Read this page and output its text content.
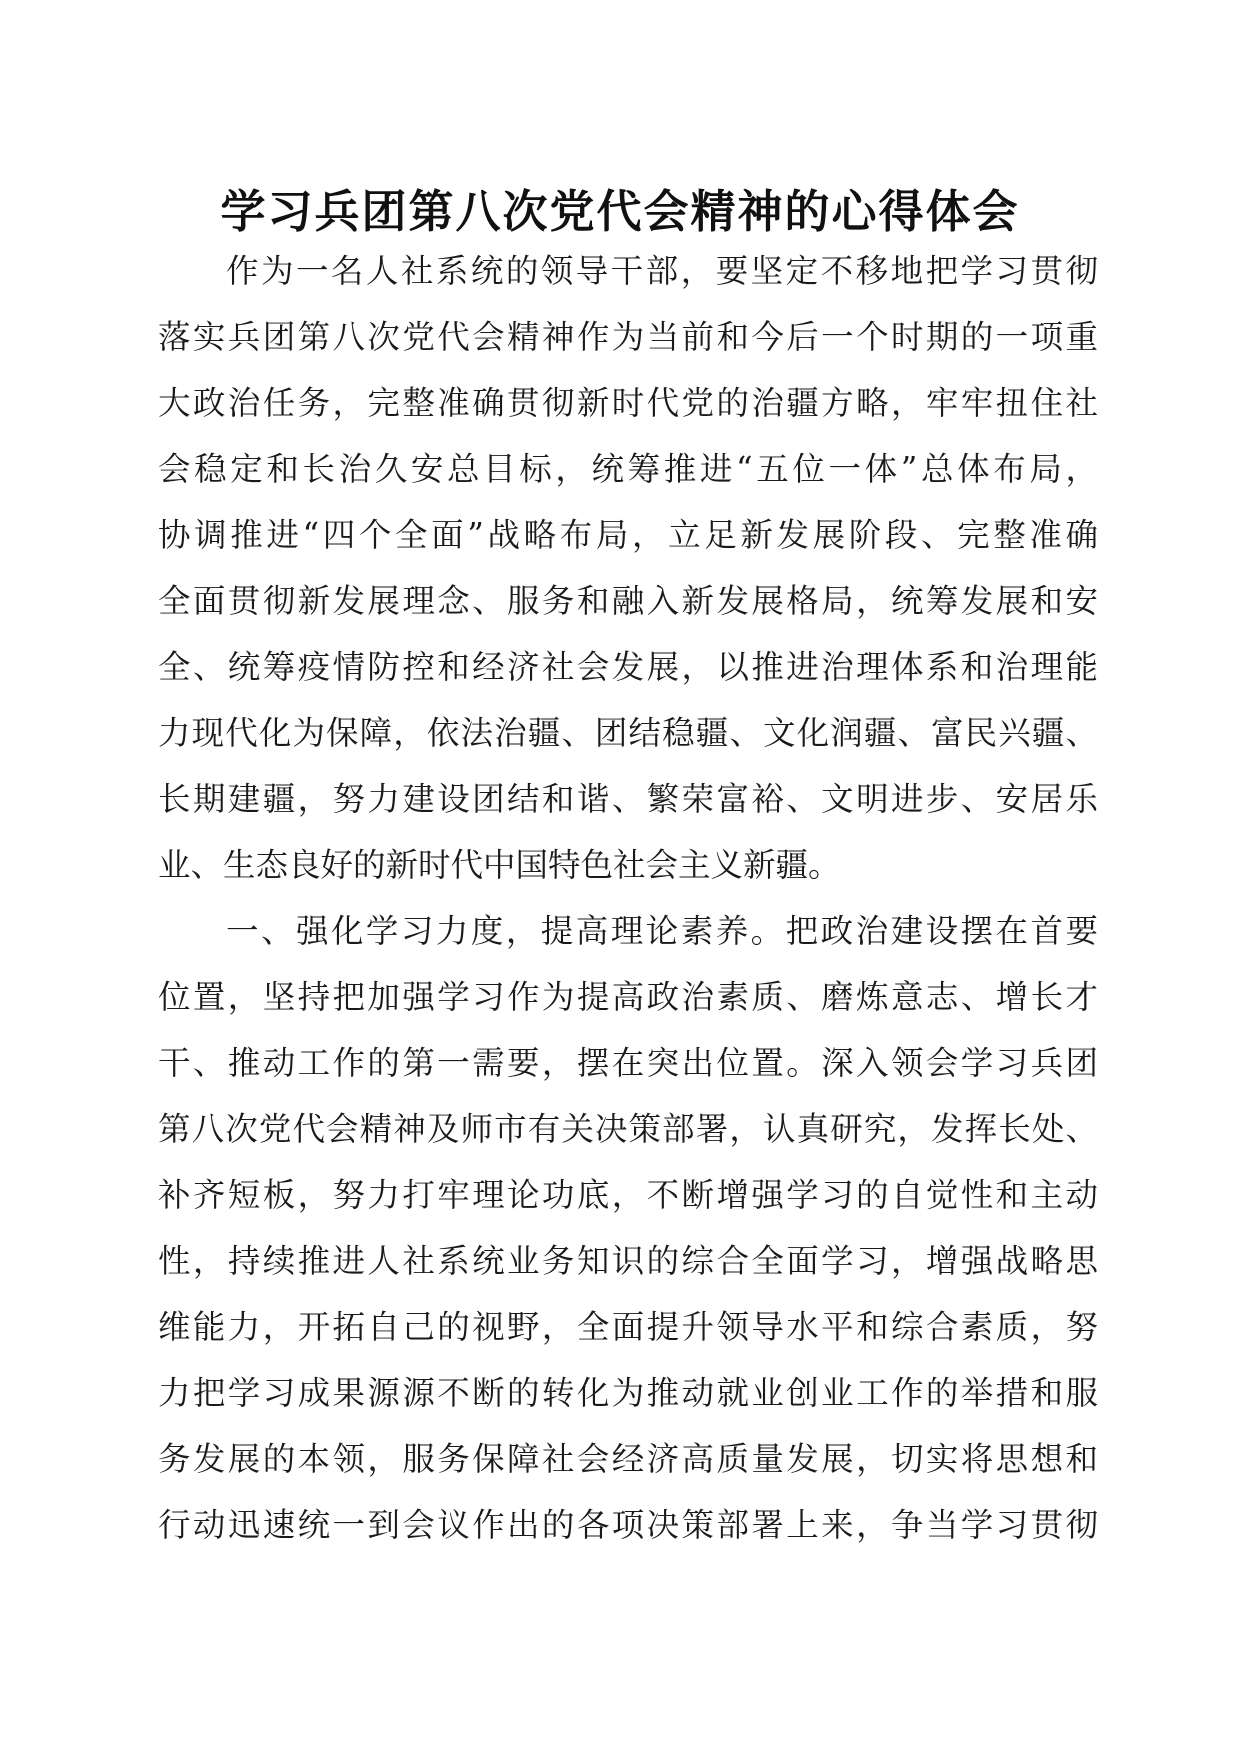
学习兵团第八次党代会精神的心得体会
作为一名人社系统的领导干部，要坚定不移地把学习贯彻
落实兵团第八次党代会精神作为当前和今后一个时期的一项重
大政治任务，完整准确贯彻新时代党的治疆方略，牢牢扭住社
会稳定和长治久安总目标，统筹推进“五位一体”总体布局，
协调推进“四个全面”战略布局，立足新发展阶段、完整准确
全面贯彻新发展理念、服务和融入新发展格局，统筹发展和安
全、统筹疫情防控和经济社会发展，以推进治理体系和治理能
力现代化为保障，依法治疆、团结稳疆、文化润疆、富民兴疆、
长期建疆，努力建设团结和谐、繁荣富裕、文明进步、安居乐
业、生态良好的新时代中国特色社会主义新疆。
一、强化学习力度，提高理论素养。把政治建设摆在首要
位置，坚持把加强学习作为提高政治素质、磨炼意志、增长才
干、推动工作的第一需要，摆在突出位置。深入领会学习兵团
第八次党代会精神及师市有关决策部署，认真研究，发挥长处、
补齐短板，努力打牢理论功底，不断增强学习的自觉性和主动
性，持续推进人社系统业务知识的综合全面学习，增强战略思
维能力，开拓自己的视野，全面提升领导水平和综合素质，努
力把学习成果源源不断的转化为推动就业创业工作的举措和服
务发展的本领，服务保障社会经济高质量发展，切实将思想和
行动迅速统一到会议作出的各项决策部署上来，争当学习贯彻
